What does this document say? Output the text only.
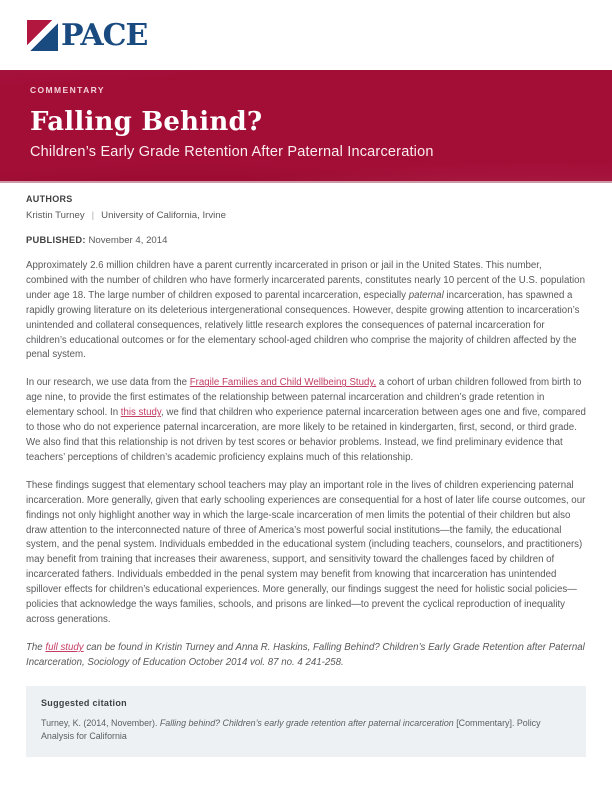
PACE
COMMENTARY
Falling Behind?
Children’s Early Grade Retention After Paternal Incarceration
AUTHORS
Kristin Turney | University of California, Irvine
PUBLISHED: November 4, 2014

Approximately 2.6 million children have a parent currently incarcerated in prison or jail in the United States. This number, combined with the number of children who have formerly incarcerated parents, constitutes nearly 10 percent of the U.S. population under age 18. The large number of children exposed to parental incarceration, especially paternal incarceration, has spawned a rapidly growing literature on its deleterious intergenerational consequences. However, despite growing attention to incarceration’s unintended and collateral consequences, relatively little research explores the consequences of paternal incarceration for children’s educational outcomes or for the elementary school-aged children who comprise the majority of children affected by the penal system.

In our research, we use data from the Fragile Families and Child Wellbeing Study, a cohort of urban children followed from birth to age nine, to provide the first estimates of the relationship between paternal incarceration and children’s grade retention in elementary school. In this study, we find that children who experience paternal incarceration between ages one and five, compared to those who do not experience paternal incarceration, are more likely to be retained in kindergarten, first, second, or third grade. We also find that this relationship is not driven by test scores or behavior problems. Instead, we find preliminary evidence that teachers’ perceptions of children’s academic proficiency explains much of this relationship.

These findings suggest that elementary school teachers may play an important role in the lives of children experiencing paternal incarceration. More generally, given that early schooling experiences are consequential for a host of later life course outcomes, our findings not only highlight another way in which the large-scale incarceration of men limits the potential of their children but also draw attention to the interconnected nature of three of America’s most powerful social institutions—the family, the educational system, and the penal system. Individuals embedded in the educational system (including teachers, counselors, and practitioners) may benefit from training that increases their awareness, support, and sensitivity toward the challenges faced by children of incarcerated fathers. Individuals embedded in the penal system may benefit from knowing that incarceration has unintended spillover effects for children’s educational experiences. More generally, our findings suggest the need for holistic social policies—policies that acknowledge the ways families, schools, and prisons are linked—to prevent the cyclical reproduction of inequality across generations.

The full study can be found in Kristin Turney and Anna R. Haskins, Falling Behind? Children’s Early Grade Retention after Paternal Incarceration, Sociology of Education October 2014 vol. 87 no. 4 241-258.

Suggested citation

Turney, K. (2014, November). Falling behind? Children’s early grade retention after paternal incarceration [Commentary]. Policy Analysis for California
